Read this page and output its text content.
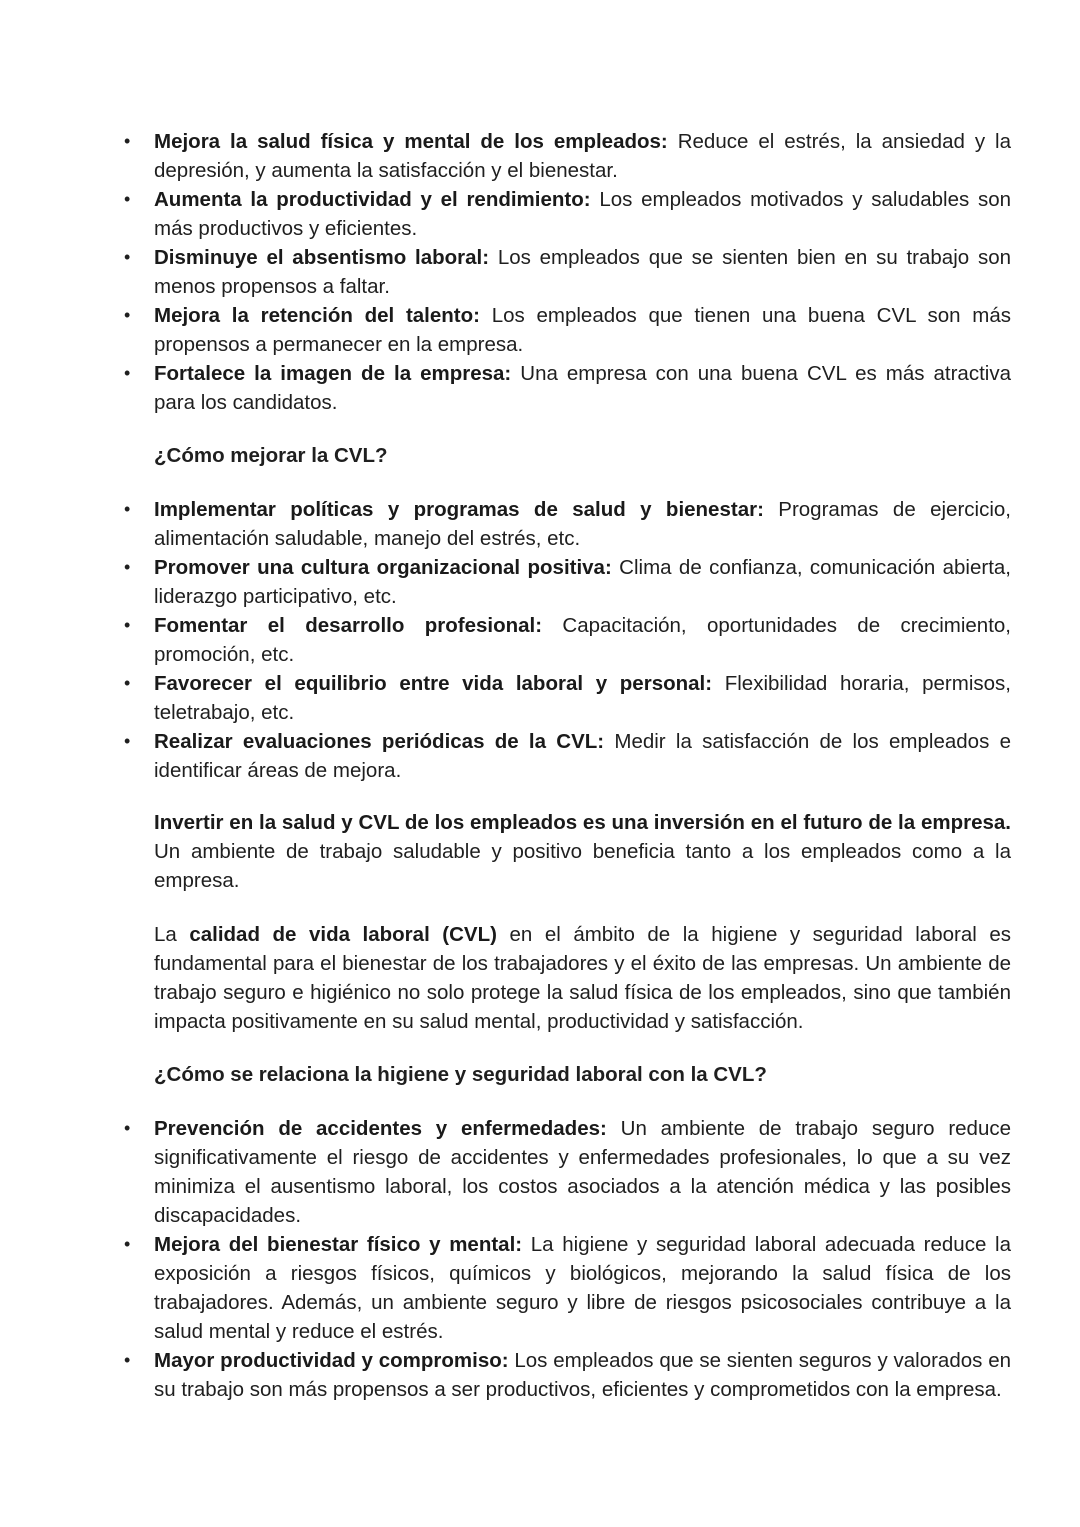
• Mejora la salud física y mental de los empleados: Reduce el estrés, la ansiedad y la depresión, y aumenta la satisfacción y el bienestar.
• Aumenta la productividad y el rendimiento: Los empleados motivados y saludables son más productivos y eficientes.
• Disminuye el absentismo laboral: Los empleados que se sienten bien en su trabajo son menos propensos a faltar.
• Mejora la retención del talento: Los empleados que tienen una buena CVL son más propensos a permanecer en la empresa.
• Fortalece la imagen de la empresa: Una empresa con una buena CVL es más atractiva para los candidatos.
¿Cómo mejorar la CVL?
• Implementar políticas y programas de salud y bienestar: Programas de ejercicio, alimentación saludable, manejo del estrés, etc.
• Promover una cultura organizacional positiva: Clima de confianza, comunicación abierta, liderazgo participativo, etc.
• Fomentar el desarrollo profesional: Capacitación, oportunidades de crecimiento, promoción, etc.
• Favorecer el equilibrio entre vida laboral y personal: Flexibilidad horaria, permisos, teletrabajo, etc.
• Realizar evaluaciones periódicas de la CVL: Medir la satisfacción de los empleados e identificar áreas de mejora.

Invertir en la salud y CVL de los empleados es una inversión en el futuro de la empresa. Un ambiente de trabajo saludable y positivo beneficia tanto a los empleados como a la empresa.

La calidad de vida laboral (CVL) en el ámbito de la higiene y seguridad laboral es fundamental para el bienestar de los trabajadores y el éxito de las empresas. Un ambiente de trabajo seguro e higiénico no solo protege la salud física de los empleados, sino que también impacta positivamente en su salud mental, productividad y satisfacción.

¿Cómo se relaciona la higiene y seguridad laboral con la CVL?
• Prevención de accidentes y enfermedades: Un ambiente de trabajo seguro reduce significativamente el riesgo de accidentes y enfermedades profesionales, lo que a su vez minimiza el ausentismo laboral, los costos asociados a la atención médica y las posibles discapacidades.
• Mejora del bienestar físico y mental: La higiene y seguridad laboral adecuada reduce la exposición a riesgos físicos, químicos y biológicos, mejorando la salud física de los trabajadores. Además, un ambiente seguro y libre de riesgos psicosociales contribuye a la salud mental y reduce el estrés.
• Mayor productividad y compromiso: Los empleados que se sienten seguros y valorados en su trabajo son más propensos a ser productivos, eficientes y comprometidos con la empresa.
